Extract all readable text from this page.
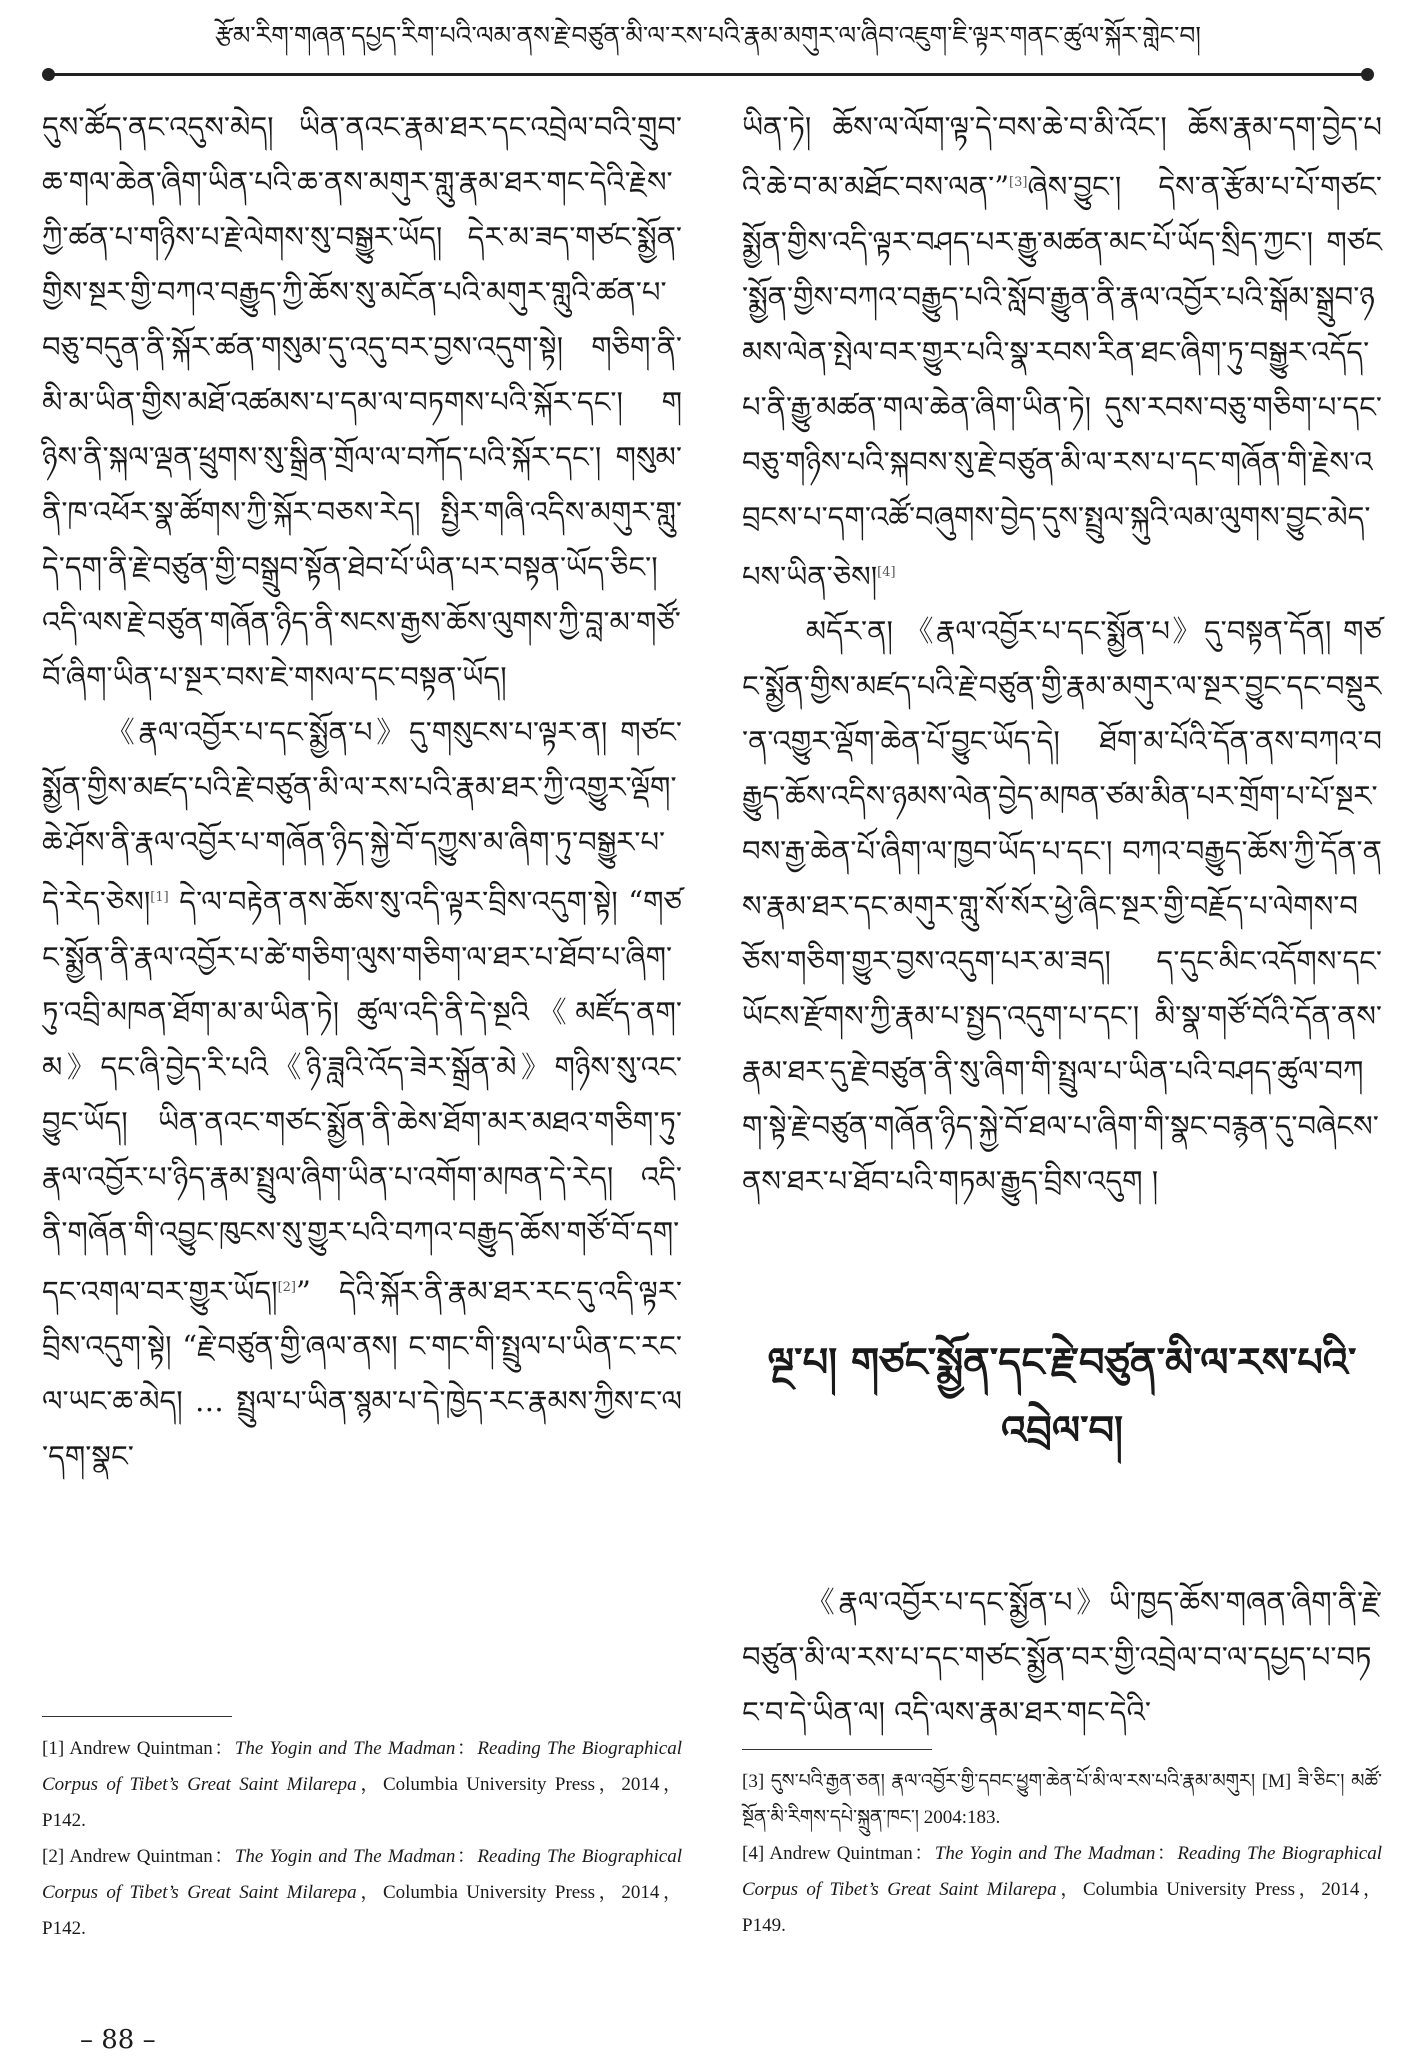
རྩོམ་རིག་གཞན་དཔྱད་རིག་པའི་ལམ་ནས་རྗེ་བཙུན་མི་ལ་རས་པའི་རྣམ་མགུར་ལ་ཞིབ་འཇུག་ཇི་ལྟར་གནང་ཚུལ་སྐོར་གླེང་བ།

དུས་ཚོད་ནང་འདུས་མེད། ཡིན་ནའང་རྣམ་ཐར་དང་འབྲེལ་བའི་གྲུབ་ཆ་གལ་ཆེན་ཞིག་ཡིན་པའི་ཆ་ནས་མགུར་གླུ་རྣམ་ཐར་གང་དེའི་རྗེས་ཀྱི་ཚན་པ་གཉིས་པ་རྗེ་ལེགས་སུ་བསྒྱུར་ཡོད། དེར་མ་ཟད་གཙང་སྨྱོན་གྱིས་སྔར་གྱི་བཀའ་བརྒྱུད་ཀྱི་ཆོས་སུ་མངོན་པའི་མགུར་གླུའི་ཚན་པ་བཅུ་བདུན་ནི་སྐོར་ཚན་གསུམ་དུ་འདུ་བར་བྱས་འདུག་སྟེ། གཅིག་ནི་མི་མ་ཡིན་གྱིས་མཐོ་འཚམས་པ་དམ་ལ་བཏགས་པའི་སྐོར་དང་། གཉིས་ནི་སྐལ་ལྡན་ཕྲུགས་སུ་སྒྲིན་གྲོལ་ལ་བཀོད་པའི་སྐོར་དང་། གསུམ་ནི་ཁ་འཕོར་སྣ་ཚོགས་ཀྱི་སྐོར་བཅས་རེད། སྤྱིར་གཞི་འདིས་མགུར་གླུ་དེ་དག་ནི་རྗེ་བཙུན་གྱི་བསྒྲུབ་སྟོན་ཐེབ་པོ་ཡིན་པར་བསྟན་ཡོད་ཅིང་། འདི་ལས་རྗེ་བཙུན་གཞོན་ཉིད་ནི་སངས་རྒྱས་ཆོས་ལུགས་ཀྱི་བླ་མ་གཙོ་བོ་ཞིག་ཡིན་པ་སྔར་བས་ཇེ་གསལ་དང་བསྟན་ཡོད།

《རྣལ་འབྱོར་པ་དང་སྨྱོན་པ》དུ་གསུངས་པ་ལྟར་ན། གཙང་སྨྱོན་གྱིས་མཛད་པའི་རྗེ་བཙུན་མི་ལ་རས་པའི་རྣམ་ཐར་ཀྱི་འགྱུར་ལྡོག་ཆེ་ཤོས་ནི་རྣལ་འབྱོར་པ་གཞོན་ཉིད་སྐྱེ་བོ་དཀྱུས་མ་ཞིག་ཏུ་བསྒྱུར་པ་དེ་རེད་ཅེས།[1] དེ་ལ་བརྟེན་ནས་ཆོས་སུ་འདི་ལྟར་བྲིས་འདུག་སྟེ། “གཙང་སྨྱོན་ནི་རྣལ་འབྱོར་པ་ཚེ་གཅིག་ལུས་གཅིག་ལ་ཐར་པ་ཐོབ་པ་ཞིག་ཏུ་འབྲི་མཁན་ཐོག་མ་མ་ཡིན་ཏེ། ཚུལ་འདི་ནི་དེ་སྔའི《མཛོད་ནག་མ》དང་ཞི་བྱེད་རི་པའི《ཉི་ཟླའི་འོད་ཟེར་སྒྲོན་མེ》གཉིས་སུ་འང་བྱུང་ཡོད། ཡིན་ནའང་གཙང་སྨྱོན་ནི་ཆེས་ཐོག་མར་མཐའ་གཅིག་ཏུ་རྣལ་འབྱོར་པ་ཉིད་རྣམ་སྤྲུལ་ཞིག་ཡིན་པ་འགོག་མཁན་དེ་རེད། འདི་ནི་གཞོན་གི་འབྱུང་ཁུངས་སུ་གྱུར་པའི་བཀའ་བརྒྱུད་ཆོས་གཙོ་བོ་དག་དང་འགལ་བར་གྱུར་ཡོད།[2]” དེའི་སྐོར་ནི་རྣམ་ཐར་རང་དུ་འདི་ལྟར་བྲིས་འདུག་སྟེ། “རྗེ་བཙུན་གྱི་ཞལ་ནས། ང་གང་གི་སྤྲུལ་པ་ཡིན་ང་རང་ལ་ཡང་ཆ་མེད། … སྤྲུལ་པ་ཡིན་སྙམ་པ་དེ་ཁྱེད་རང་རྣམས་ཀྱིས་ང་ལ་དག་སྣང་

[1] Andrew Quintman：The Yogin and The Madman：Reading The Biographical Corpus of Tibet’s Great Saint Milarepa，Columbia University Press，2014，P142.

[2] Andrew Quintman：The Yogin and The Madman：Reading The Biographical Corpus of Tibet’s Great Saint Milarepa，Columbia University Press，2014，P142.

ཡིན་ཏེ། ཆོས་ལ་ལོག་ལྟ་དེ་བས་ཆེ་བ་མི་འོང་། ཆོས་རྣམ་དག་བྱེད་པའི་ཆེ་བ་མ་མཐོང་བས་ལན་”[3]ཞེས་བྱུང་། དེས་ན་རྩོམ་པ་པོ་གཙང་སྨྱོན་གྱིས་འདི་ལྟར་བཤད་པར་རྒྱུ་མཚན་མང་པོ་ཡོད་སྲིད་ཀྱང་། གཙང་སྨྱོན་གྱིས་བཀའ་བརྒྱུད་པའི་སློབ་རྒྱུན་ནི་རྣལ་འབྱོར་པའི་སྒོམ་སྒྲུབ་ཉམས་ལེན་སྤེལ་བར་གྱུར་པའི་སྣ་རབས་རིན་ཐང་ཞིག་ཏུ་བསྒྱུར་འདོད་པ་ནི་རྒྱུ་མཚན་གལ་ཆེན་ཞིག་ཡིན་ཏེ། དུས་རབས་བཅུ་གཅིག་པ་དང་བཅུ་གཉིས་པའི་སྐབས་སུ་རྗེ་བཙུན་མི་ལ་རས་པ་དང་གཞོན་གི་རྗེས་འབྲངས་པ་དག་འཚོ་བཞུགས་བྱེད་དུས་སྤྲུལ་སྐུའི་ལམ་ལུགས་བྱུང་མེད་པས་ཡིན་ཅེས།[4]

མདོར་ན། 《རྣལ་འབྱོར་པ་དང་སྨྱོན་པ》དུ་བསྟན་དོན། གཙང་སྨྱོན་གྱིས་མཛད་པའི་རྗེ་བཙུན་གྱི་རྣམ་མགུར་ལ་སྔར་བྱུང་དང་བསྡུར་ན་འགྱུར་ལྡོག་ཆེན་པོ་བྱུང་ཡོད་དེ། ཐོག་མ་པོའི་དོན་ནས་བཀའ་བརྒྱུད་ཆོས་འདིས་ཉམས་ལེན་བྱེད་མཁན་ཙམ་མིན་པར་གྲོག་པ་པོ་སྔར་བས་རྒྱ་ཆེན་པོ་ཞིག་ལ་ཁྱབ་ཡོད་པ་དང་། བཀའ་བརྒྱུད་ཆོས་ཀྱི་དོན་ནས་རྣམ་ཐར་དང་མགུར་གླུ་སོ་སོར་ཕྱེ་ཞིང་སྔར་གྱི་བརྗོད་པ་ལེགས་བཅོས་གཅིག་གྱུར་བྱས་འདུག་པར་མ་ཟད། ད་དུང་མིང་འདོགས་དང་ཡོངས་རྫོགས་ཀྱི་རྣམ་པ་སྤྱད་འདུག་པ་དང་། མི་སྣ་གཙོ་བོའི་དོན་ནས་རྣམ་ཐར་དུ་རྗེ་བཙུན་ནི་སུ་ཞིག་གི་སྤྲུལ་པ་ཡིན་པའི་བཤད་ཚུལ་བཀག་སྟེ་རྗེ་བཙུན་གཞོན་ཉིད་སྐྱེ་བོ་ཐལ་པ་ཞིག་གི་སྣང་བརྙན་དུ་བཞེངས་ནས་ཐར་པ་ཐོབ་པའི་གཏམ་རྒྱུད་བྲིས་འདུག །

ལྔ་པ། གཙང་སྨྱོན་དང་རྗེ་བཙུན་མི་ལ་རས་པའི་འབྲེལ་བ།

《རྣལ་འབྱོར་པ་དང་སྨྱོན་པ》ཡི་ཁྱད་ཆོས་གཞན་ཞིག་ནི་རྗེ་བཙུན་མི་ལ་རས་པ་དང་གཙང་སྨྱོན་བར་གྱི་འབྲེལ་བ་ལ་དཔྱད་པ་བཏང་བ་དེ་ཡིན་ལ། འདི་ལས་རྣམ་ཐར་གང་དེའི་

[3] དུས་པའི་རྒྱན་ཅན། རྣལ་འབྱོར་གྱི་དབང་ཕྱུག་ཆེན་པོ་མི་ལ་རས་པའི་རྣམ་མགུར། [M] ཟི་ཅིང་། མཚོ་སྔོན་མི་རིགས་དཔེ་སྐྲུན་ཁང་། 2004:183.

[4] Andrew Quintman：The Yogin and The Madman：Reading The Biographical Corpus of Tibet’s Great Saint Milarepa，Columbia University Press，2014，P149.

– 88 –
